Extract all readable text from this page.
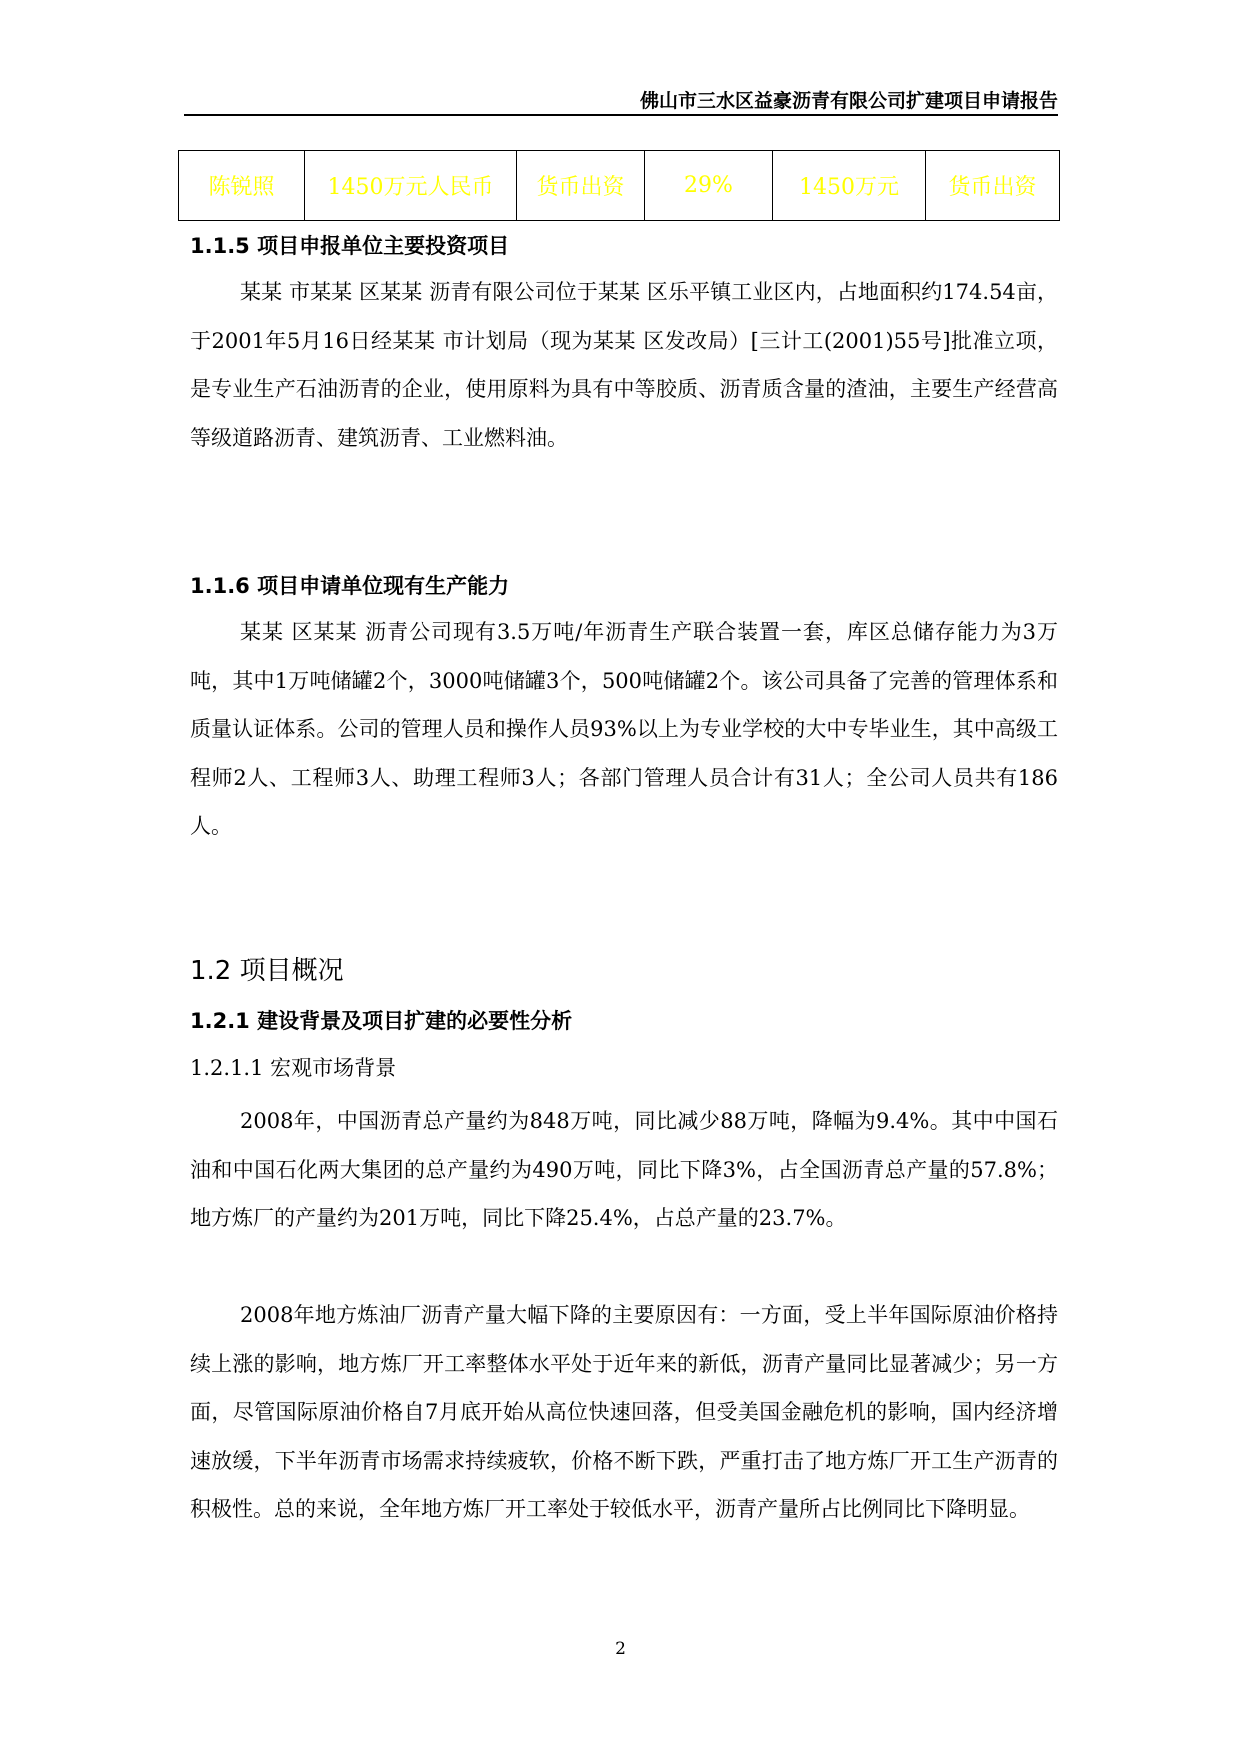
佛山市三水区益豪沥青有限公司扩建项目申请报告
陈锐照	1450万元人民币	货币出资	29%	1450万元	货币出资
1.1.5 项目申报单位主要投资项目

某某 市某某 区某某 沥青有限公司位于某某 区乐平镇工业区内，占地面积约174.54亩，于2001年5月16日经某某 市计划局（现为某某 区发改局）[三计工(2001)55号]批准立项，是专业生产石油沥青的企业，使用原料为具有中等胶质、沥青质含量的渣油，主要生产经营高等级道路沥青、建筑沥青、工业燃料油。

1.1.6 项目申请单位现有生产能力

某某 区某某 沥青公司现有3.5万吨/年沥青生产联合装置一套，库区总储存能力为3万吨，其中1万吨储罐2个，3000吨储罐3个，500吨储罐2个。该公司具备了完善的管理体系和质量认证体系。公司的管理人员和操作人员93%以上为专业学校的大中专毕业生，其中高级工程师2人、工程师3人、助理工程师3人；各部门管理人员合计有31人；全公司人员共有186人。

1.2 项目概况
1.2.1 建设背景及项目扩建的必要性分析
1.2.1.1 宏观市场背景

2008年，中国沥青总产量约为848万吨，同比减少88万吨，降幅为9.4%。其中中国石油和中国石化两大集团的总产量约为490万吨，同比下降3%，占全国沥青总产量的57.8%；地方炼厂的产量约为201万吨，同比下降25.4%，占总产量的23.7%。

2008年地方炼油厂沥青产量大幅下降的主要原因有：一方面，受上半年国际原油价格持续上涨的影响，地方炼厂开工率整体水平处于近年来的新低，沥青产量同比显著减少；另一方面，尽管国际原油价格自7月底开始从高位快速回落，但受美国金融危机的影响，国内经济增速放缓，下半年沥青市场需求持续疲软，价格不断下跌，严重打击了地方炼厂开工生产沥青的积极性。总的来说，全年地方炼厂开工率处于较低水平，沥青产量所占比例同比下降明显。

2
